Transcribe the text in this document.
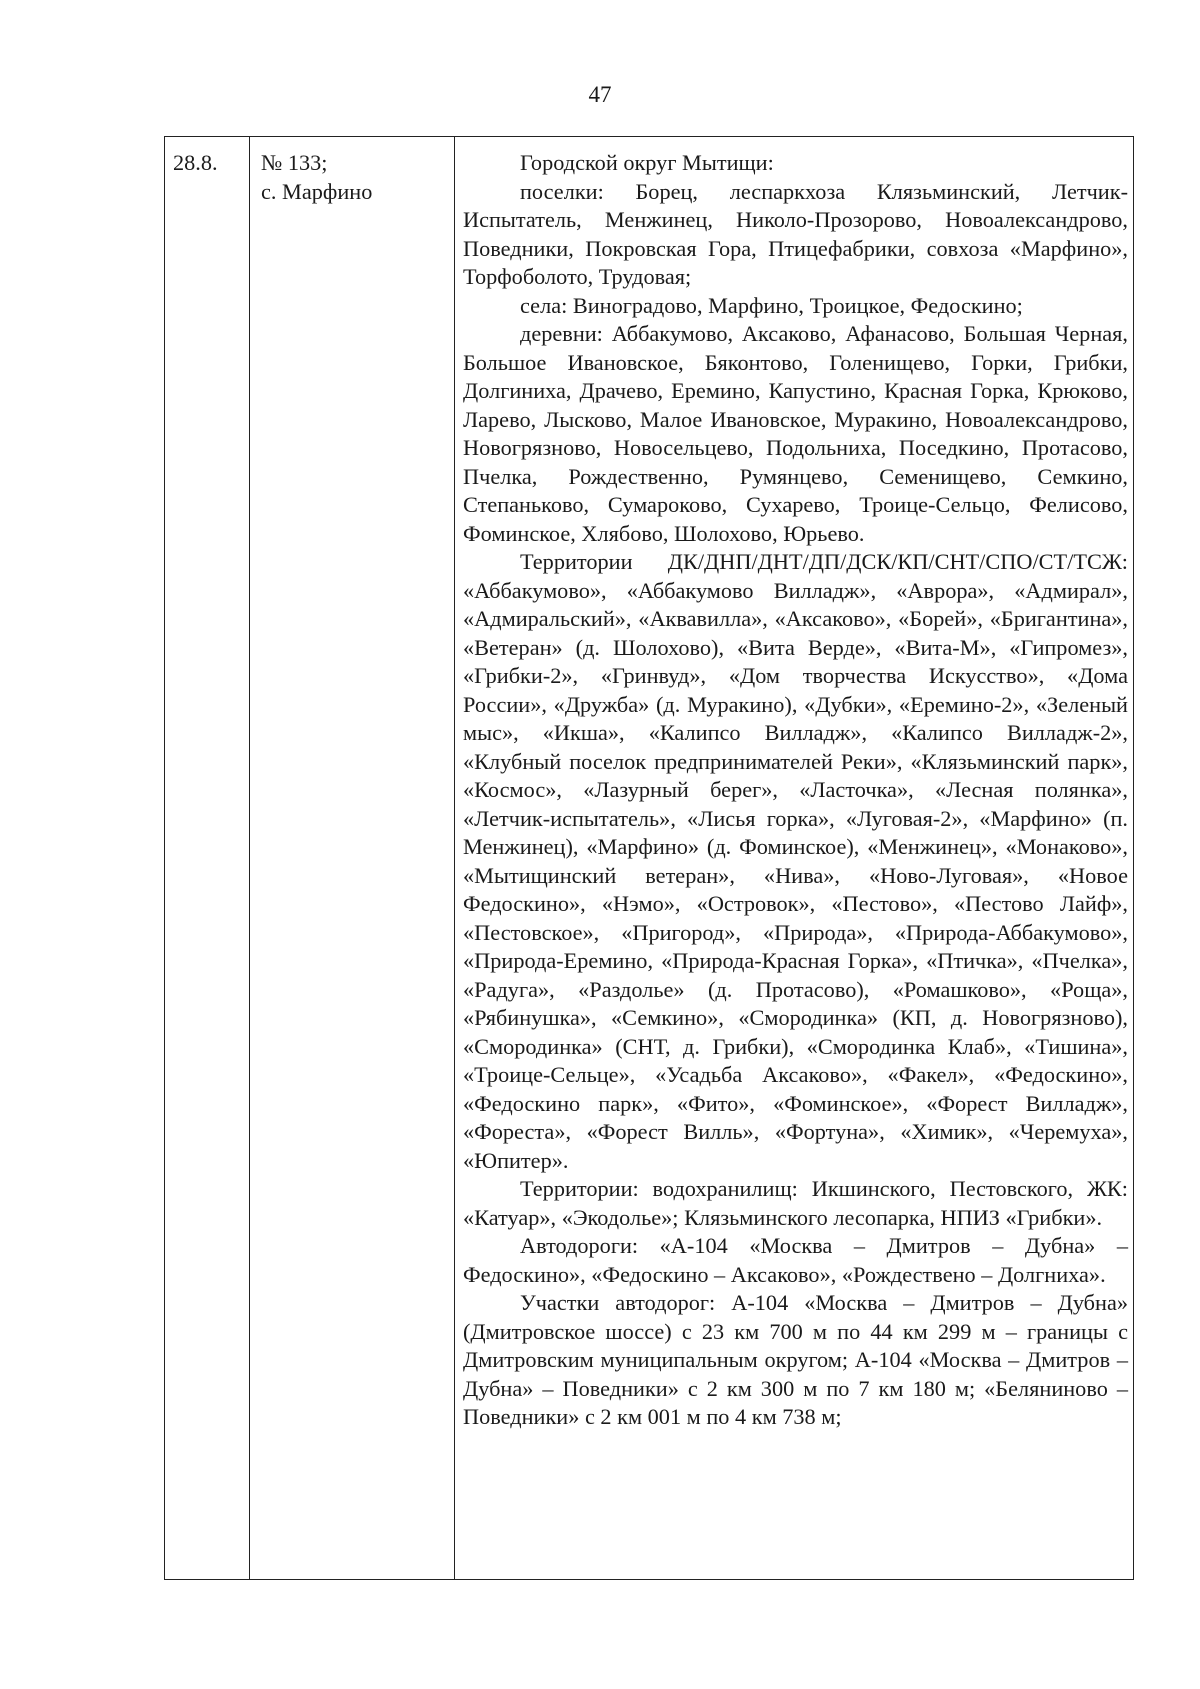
47
28.8.	№ 133;
с. Марфино

Городской округ Мытищи:

поселки: Борец, леспаркхоза Клязьминский, Летчик-Испытатель, Менжинец, Николо-Прозорово, Новоалександрово, Поведники, Покровская Гора, Птицефабрики, совхоза «Марфино», Торфоболото, Трудовая;

села: Виноградово, Марфино, Троицкое, Федоскино;

деревни: Аббакумово, Аксаково, Афанасово, Большая Черная, Большое Ивановское, Бяконтово, Голенищево, Горки, Грибки, Долгиниха, Драчево, Еремино, Капустино, Красная Горка, Крюково, Ларево, Лысково, Малое Ивановское, Муракино, Новоалександрово, Новогрязново, Новосельцево, Подольниха, Поседкино, Протасово, Пчелка, Рождественно, Румянцево, Семенищево, Семкино, Степаньково, Сумароково, Сухарево, Троице-Сельцо, Фелисово, Фоминское, Хлябово, Шолохово, Юрьево.

Территории ДК/ДНП/ДНТ/ДП/ДСК/КП/СНТ/СПО/СТ/ТСЖ: «Аббакумово», «Аббакумово Вилладж», «Аврора», «Адмирал», «Адмиральский», «Аквавилла», «Аксаково», «Борей», «Бригантина», «Ветеран» (д. Шолохово), «Вита Верде», «Вита-М», «Гипромез», «Грибки-2», «Гринвуд», «Дом творчества Искусство», «Дома России», «Дружба» (д. Муракино), «Дубки», «Еремино-2», «Зеленый мыс», «Икша», «Калипсо Вилладж», «Калипсо Вилладж-2», «Клубный поселок предпринимателей Реки», «Клязьминский парк», «Космос», «Лазурный берег», «Ласточка», «Лесная полянка», «Летчик-испытатель», «Лисья горка», «Луговая-2», «Марфино» (п. Менжинец), «Марфино» (д. Фоминское), «Менжинец», «Монаково», «Мытищинский ветеран», «Нива», «Ново-Луговая», «Новое Федоскино», «Нэмо», «Островок», «Пестово», «Пестово Лайф», «Пестовское», «Пригород», «Природа», «Природа-Аббакумово», «Природа-Еремино, «Природа-Красная Горка», «Птичка», «Пчелка», «Радуга», «Раздолье» (д. Протасово), «Ромашково», «Роща», «Рябинушка», «Семкино», «Смородинка» (КП, д. Новогрязново), «Смородинка» (СНТ, д. Грибки), «Смородинка Клаб», «Тишина», «Троице-Сельце», «Усадьба Аксаково», «Факел», «Федоскино», «Федоскино парк», «Фито», «Фоминское», «Форест Вилладж», «Фореста», «Форест Вилль», «Фортуна», «Химик», «Черемуха», «Юпитер».

Территории: водохранилищ: Икшинского, Пестовского, ЖК: «Катуар», «Экодолье»; Клязьминского лесопарка, НПИЗ «Грибки».

Автодороги: «А-104 «Москва – Дмитров – Дубна» – Федоскино», «Федоскино – Аксаково», «Рождествено – Долгниха».

Участки автодорог: А-104 «Москва – Дмитров – Дубна» (Дмитровское шоссе) с 23 км 700 м по 44 км 299 м – границы с Дмитровским муниципальным округом; А-104 «Москва – Дмитров – Дубна» – Поведники» с 2 км 300 м по 7 км 180 м; «Беляниново – Поведники» с 2 км 001 м по 4 км 738 м;
